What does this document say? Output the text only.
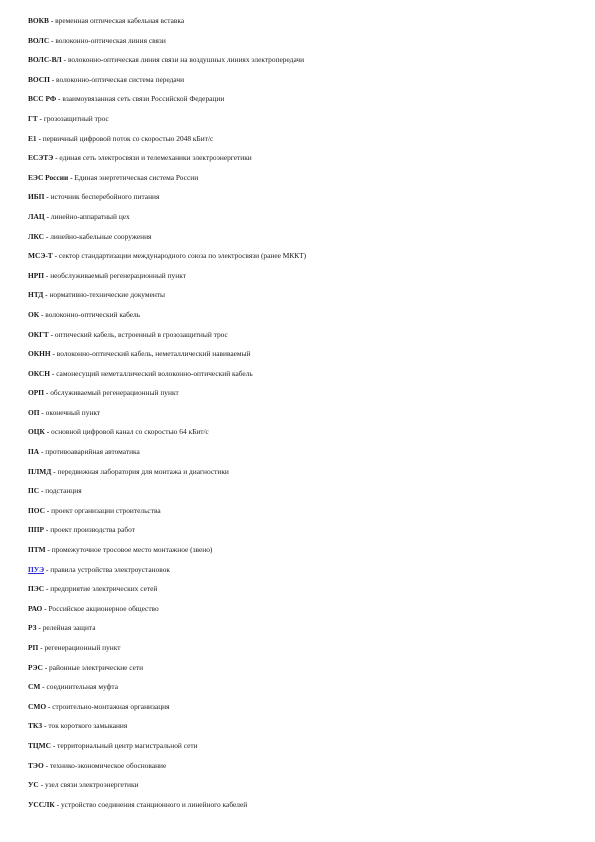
ВОКВ - временная оптическая кабельная вставка
ВОЛС - волоконно-оптическая линия связи
ВОЛС-ВЛ - волоконно-оптическая линия связи на воздушных линиях электропередачи
ВОСП - волоконно-оптическая система передачи
ВСС РФ - взаимоувязанная сеть связи Российской Федерации
ГТ - грозозащитный трос
Е1 - первичный цифровой поток со скоростью 2048 кБит/с
ЕСЭТЭ - единая сеть электросвязи и телемеханики электроэнергетики
ЕЭС России - Единая энергетическая система России
ИБП - источник бесперебойного питания
ЛАЦ - линейно-аппаратный цех
ЛКС - линейно-кабельные сооружения
МСЭ-Т - сектор стандартизации международного союза по электросвязи (ранее МККТ)
НРП - необслуживаемый регенерационный пункт
НТД - нормативно-технические документы
ОК - волоконно-оптический кабель
ОКГТ - оптический кабель, встроенный в грозозащитный трос
ОКНН - волоконно-оптический кабель, неметаллический навиваемый
ОКСН - самонесущий неметаллический волоконно-оптический кабель
ОРП - обслуживаемый регенерационный пункт
ОП - оконечный пункт
ОЦК - основной цифровой канал со скоростью 64 кБит/с
ПА - противоаварийная автоматика
ПЛМД - передвижная лаборатория для монтажа и диагностики
ПС - подстанция
ПОС - проект организации строительства
ППР - проект производства работ
ПТМ - промежуточное тросовое место монтажное (звено)
ПУЭ - правила устройства электроустановок
ПЭС - предприятие электрических сетей
РАО - Российское акционерное общество
РЗ - релейная защита
РП - регенерационный пункт
РЭС - районные электрические сети
СМ - соединительная муфта
СМО - строительно-монтажная организация
ТКЗ - ток короткого замыкания
ТЦМС - территориальный центр магистральной сети
ТЭО - технико-экономическое обоснование
УС - узел связи электроэнергетики
УССЛК - устройство соединения станционного и линейного кабелей
